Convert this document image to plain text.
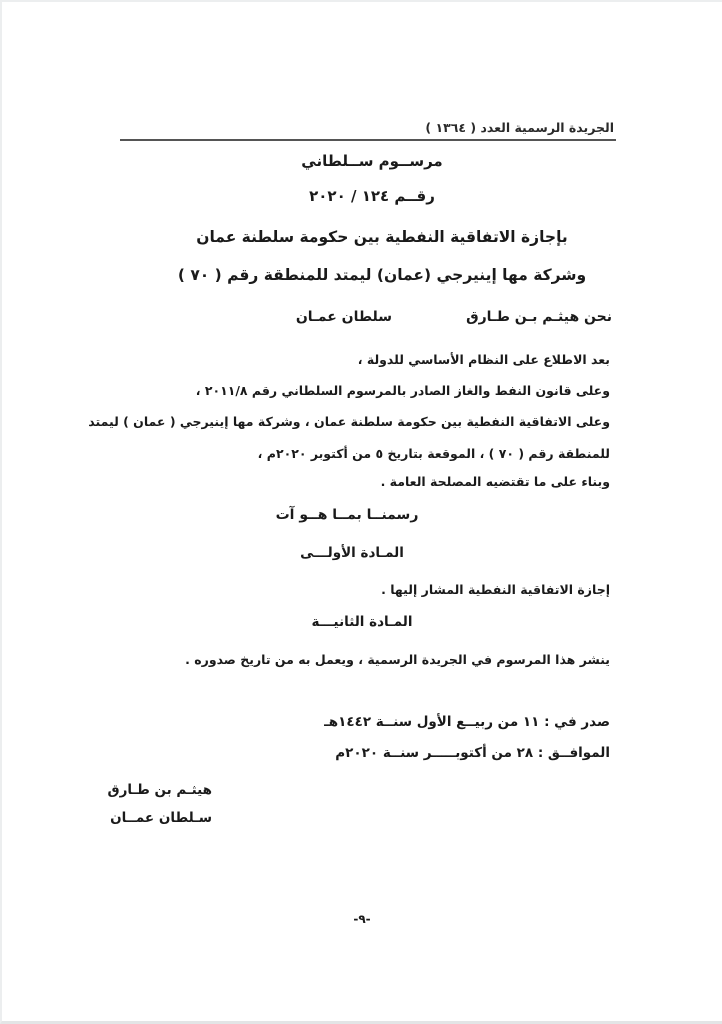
الجريدة الرسمية العدد ( ١٣٦٤ )
مرســوم ســلطاني
رقــم ١٢٤ / ٢٠٢٠
بإجازة الاتفاقية النفطية بين حكومة سلطنة عمان
وشركة مها إينيرجي (عمان) ليمتد للمنطقة رقم ( ٧٠ )
نحن هيثـم بـن طـارق
سلطان عمـان
بعد الاطلاع على النظام الأساسي للدولة ،
وعلى قانون النفط والغاز الصادر بالمرسوم السلطاني رقم ٢٠١١/٨ ،
وعلى الاتفاقية النفطية بين حكومة سلطنة عمان ، وشركة مها إينيرجي ( عمان ) ليمتد
للمنطقة رقم ( ٧٠ ) ، الموقعة بتاريخ ٥ من أكتوبر ٢٠٢٠م ،
وبناء على ما تقتضيه المصلحة العامة .
رسمنــا بمــا هــو آت
المـادة الأولـــى
إجازة الاتفاقية النفطية المشار إليها .
المـادة الثانيـــة
ينشر هذا المرسوم في الجريدة الرسمية ، ويعمل به من تاريخ صدوره .
صدر في : ١١ من ربيــع الأول سنــة ١٤٤٢هـ
الموافــق : ٢٨ من أكتوبـــــر سنــة ٢٠٢٠م
هيثـم بن طـارق
سـلطان عمــان
-٩-
